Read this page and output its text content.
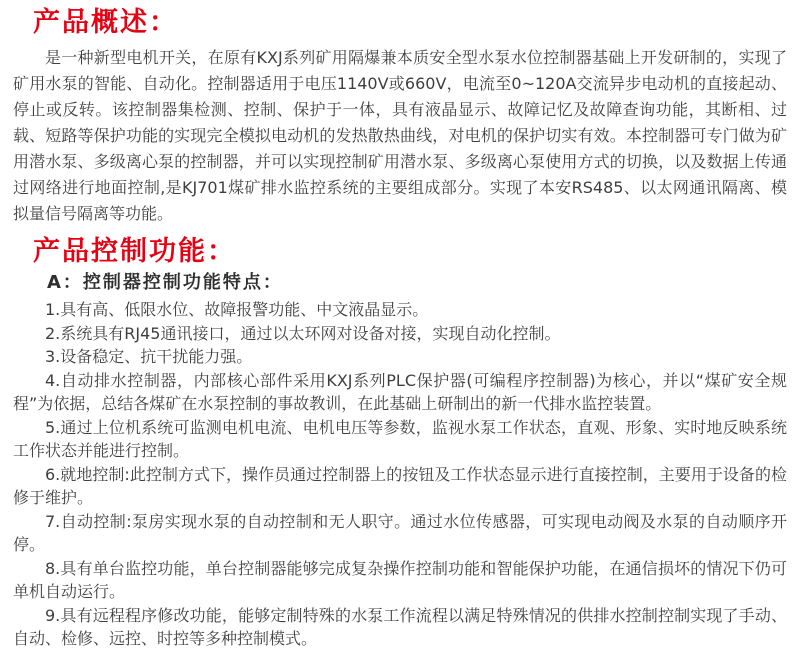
产品概述：

是一种新型电机开关，在原有KXJ系列矿用隔爆兼本质安全型水泵水位控制器基础上开发研制的，实现了矿用水泵的智能、自动化。控制器适用于电压1140V或660V，电流至0~120A交流异步电动机的直接起动、停止或反转。该控制器集检测、控制、保护于一体，具有液晶显示、故障记忆及故障查询功能，其断相、过载、短路等保护功能的实现完全模拟电动机的发热散热曲线，对电机的保护切实有效。本控制器可专门做为矿用潜水泵、多级离心泵的控制器，并可以实现控制矿用潜水泵、多级离心泵使用方式的切换，以及数据上传通过网络进行地面控制,是KJ701煤矿排水监控系统的主要组成部分。实现了本安RS485、以太网通讯隔离、模拟量信号隔离等功能。

产品控制功能：
A：控制器控制功能特点：

1.具有高、低限水位、故障报警功能、中文液晶显示。

2.系统具有RJ45通讯接口，通过以太环网对设备对接，实现自动化控制。

3.设备稳定、抗干扰能力强。

4.自动排水控制器，内部核心部件采用KXJ系列PLC保护器(可编程序控制器)为核心，并以“煤矿安全规程”为依据，总结各煤矿在水泵控制的事故教训，在此基础上研制出的新一代排水监控装置。

5.通过上位机系统可监测电机电流、电机电压等参数，监视水泵工作状态，直观、形象、实时地反映系统工作状态并能进行控制。

6.就地控制:此控制方式下，操作员通过控制器上的按钮及工作状态显示进行直接控制，主要用于设备的检修于维护。

7.自动控制:泵房实现水泵的自动控制和无人职守。通过水位传感器，可实现电动阀及水泵的自动顺序开停。

8.具有单台监控功能，单台控制器能够完成复杂操作控制功能和智能保护功能，在通信损坏的情况下仍可单机自动运行。

9.具有远程程序修改功能，能够定制特殊的水泵工作流程以满足特殊情况的供排水控制控制实现了手动、自动、检修、远控、时控等多种控制模式。
